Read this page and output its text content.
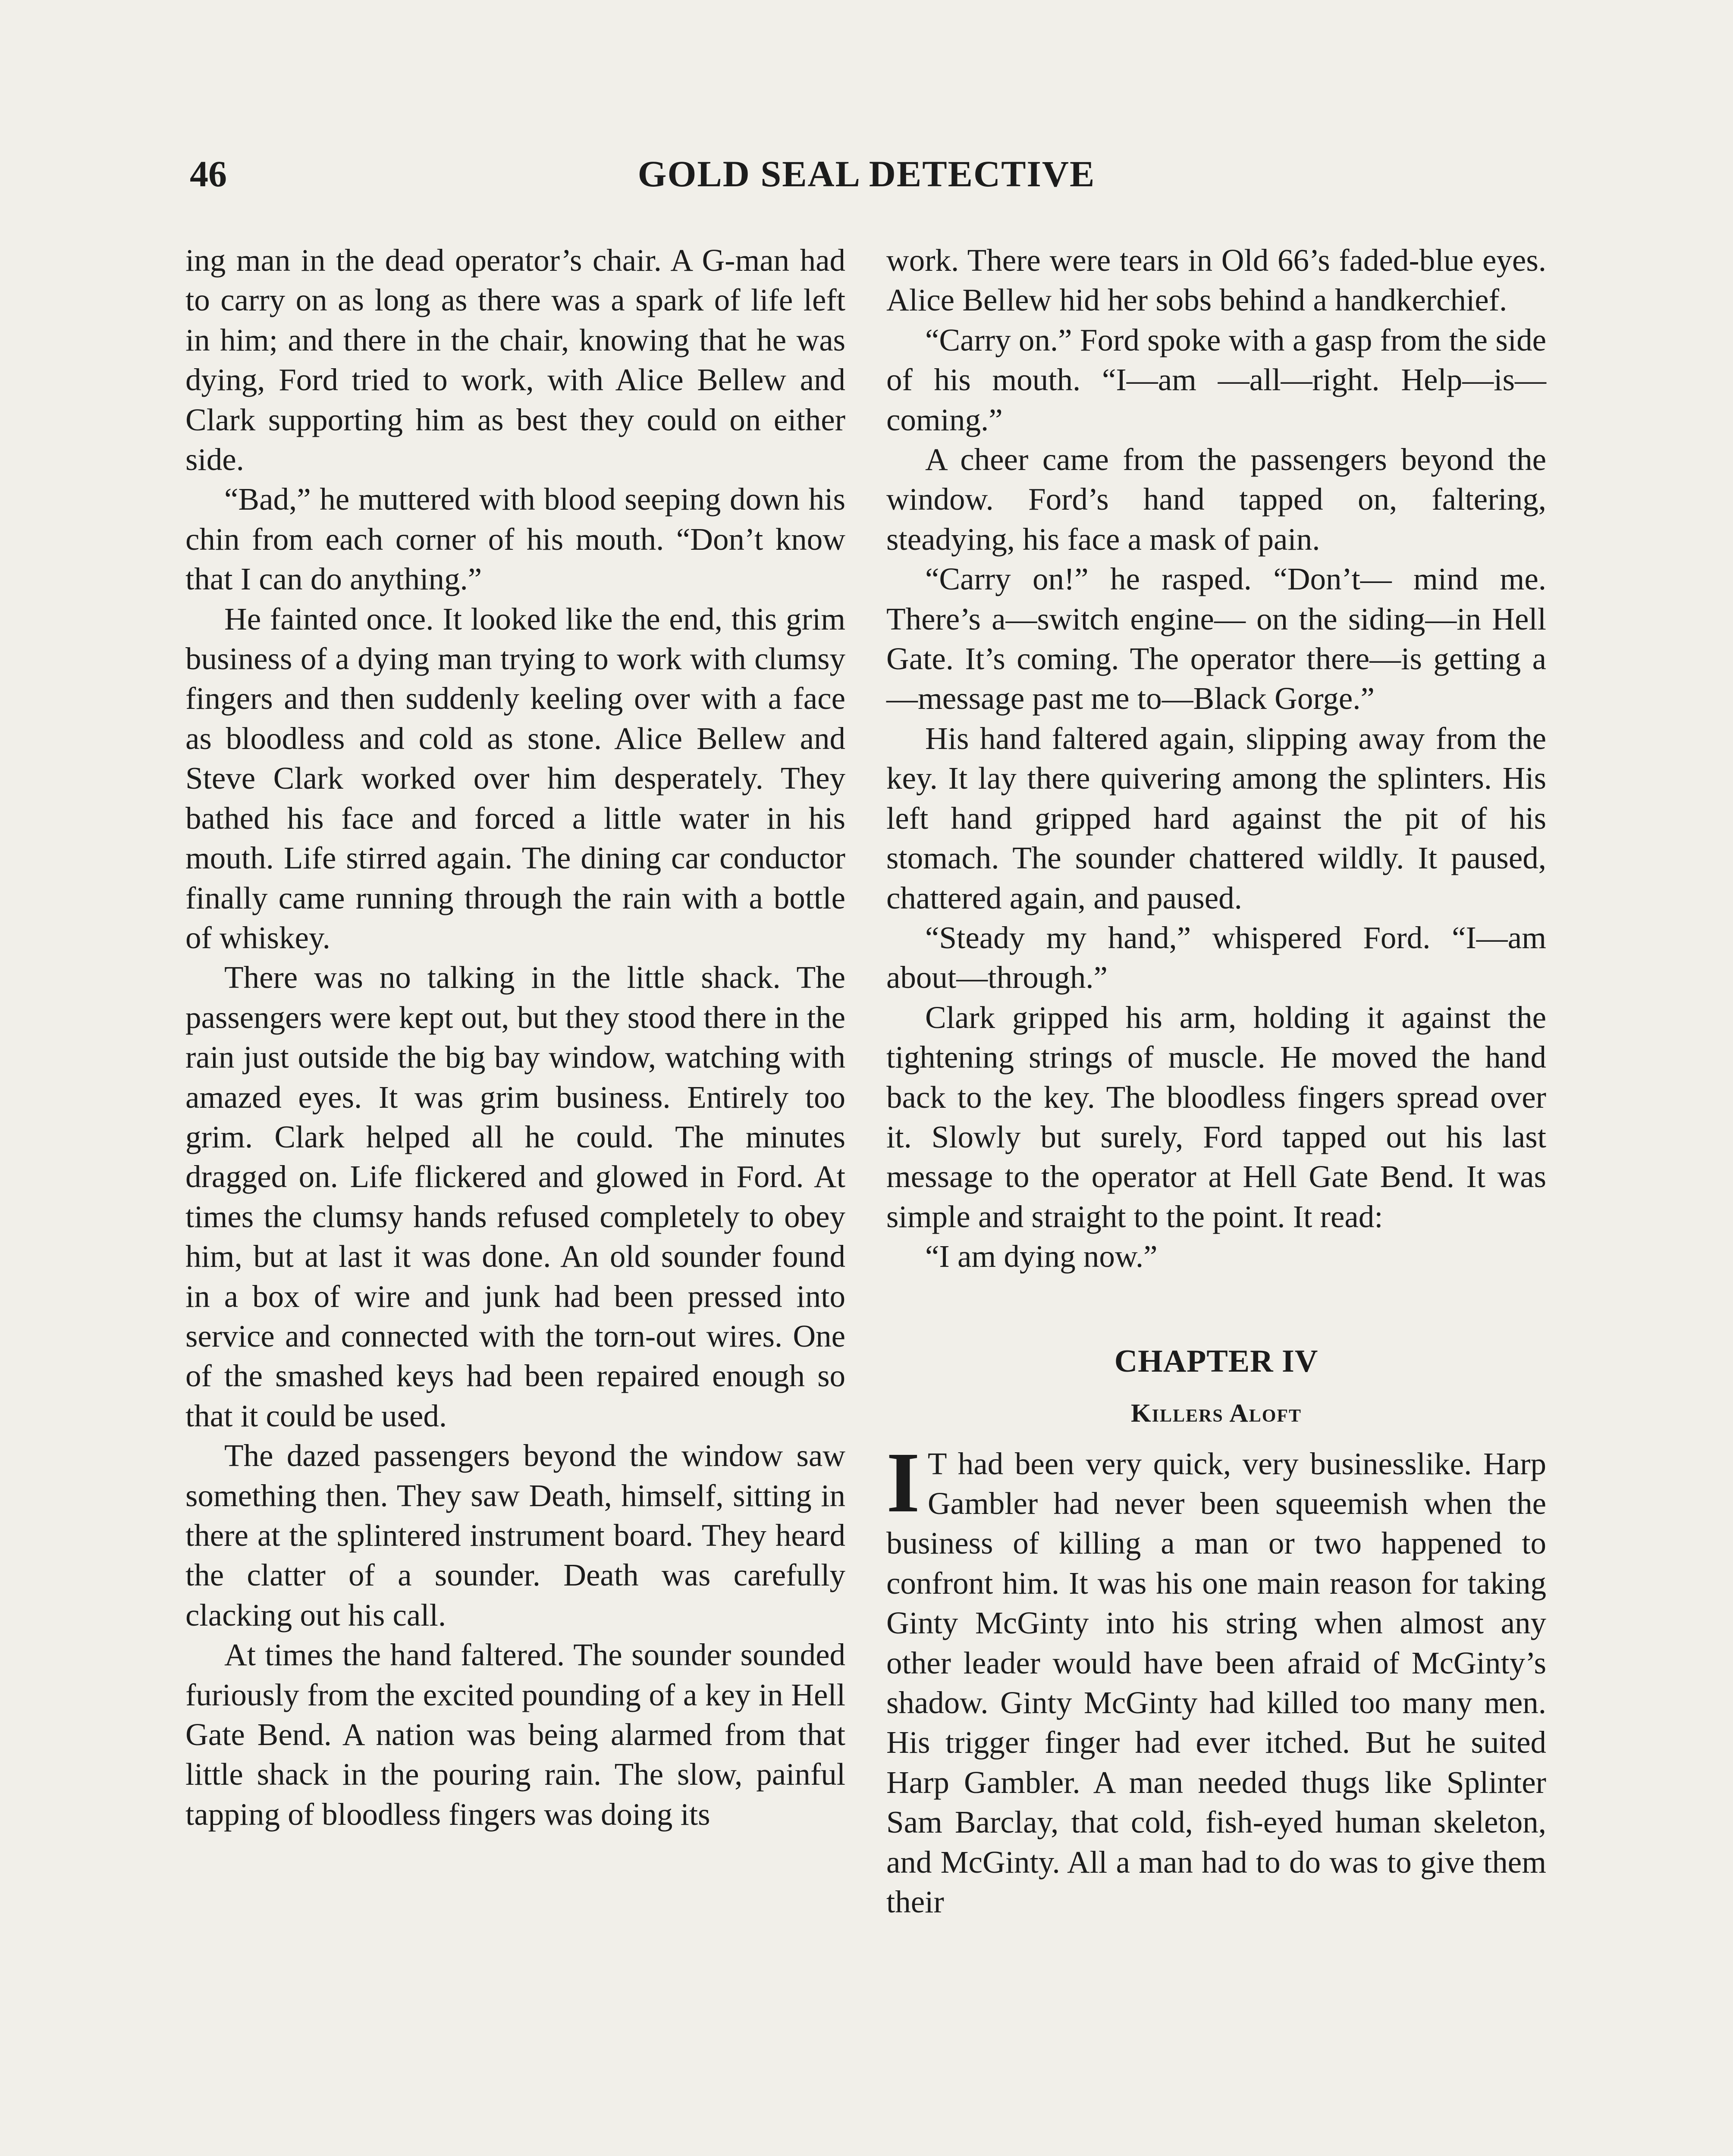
46	GOLD SEAL DETECTIVE

ing man in the dead operator’s chair. A G-man had to carry on as long as there was a spark of life left in him; and there in the chair, knowing that he was dying, Ford tried to work, with Alice Bellew and Clark supporting him as best they could on either side.

“Bad,” he muttered with blood seeping down his chin from each corner of his mouth. “Don’t know that I can do anything.”

He fainted once. It looked like the end, this grim business of a dying man trying to work with clumsy fingers and then suddenly keeling over with a face as bloodless and cold as stone. Alice Bellew and Steve Clark worked over him desperately. They bathed his face and forced a little water in his mouth. Life stirred again. The dining car conductor finally came running through the rain with a bottle of whiskey.

There was no talking in the little shack. The passengers were kept out, but they stood there in the rain just outside the big bay window, watching with amazed eyes. It was grim business. Entirely too grim. Clark helped all he could. The minutes dragged on. Life flickered and glowed in Ford. At times the clumsy hands refused completely to obey him, but at last it was done. An old sounder found in a box of wire and junk had been pressed into service and connected with the torn-out wires. One of the smashed keys had been repaired enough so that it could be used.

The dazed passengers beyond the window saw something then. They saw Death, himself, sitting in there at the splintered instrument board. They heard the clatter of a sounder. Death was carefully clacking out his call.

At times the hand faltered. The sounder sounded furiously from the excited pounding of a key in Hell Gate Bend. A nation was being alarmed from that little shack in the pouring rain. The slow, painful tapping of bloodless fingers was doing its

work. There were tears in Old 66’s faded-blue eyes. Alice Bellew hid her sobs behind a handkerchief.

“Carry on.” Ford spoke with a gasp from the side of his mouth. “I—am —all—right. Help—is—coming.”

A cheer came from the passengers beyond the window. Ford’s hand tapped on, faltering, steadying, his face a mask of pain.

“Carry on!” he rasped. “Don’t— mind me. There’s a—switch engine— on the siding—in Hell Gate. It’s coming. The operator there—is getting a —message past me to—Black Gorge.”

His hand faltered again, slipping away from the key. It lay there quivering among the splinters. His left hand gripped hard against the pit of his stomach. The sounder chattered wildly. It paused, chattered again, and paused.

“Steady my hand,” whispered Ford. “I—am about—through.”

Clark gripped his arm, holding it against the tightening strings of muscle. He moved the hand back to the key. The bloodless fingers spread over it. Slowly but surely, Ford tapped out his last message to the operator at Hell Gate Bend. It was simple and straight to the point. It read:

“I am dying now.”

CHAPTER IV
Killers Aloft

I T had been very quick, very businesslike. Harp Gambler had never been squeemish when the business of killing a man or two happened to confront him. It was his one main reason for taking Ginty McGinty into his string when almost any other leader would have been afraid of McGinty’s shadow. Ginty McGinty had killed too many men. His trigger finger had ever itched. But he suited Harp Gambler. A man needed thugs like Splinter Sam Barclay, that cold, fish-eyed human skeleton, and McGinty. All a man had to do was to give them their
